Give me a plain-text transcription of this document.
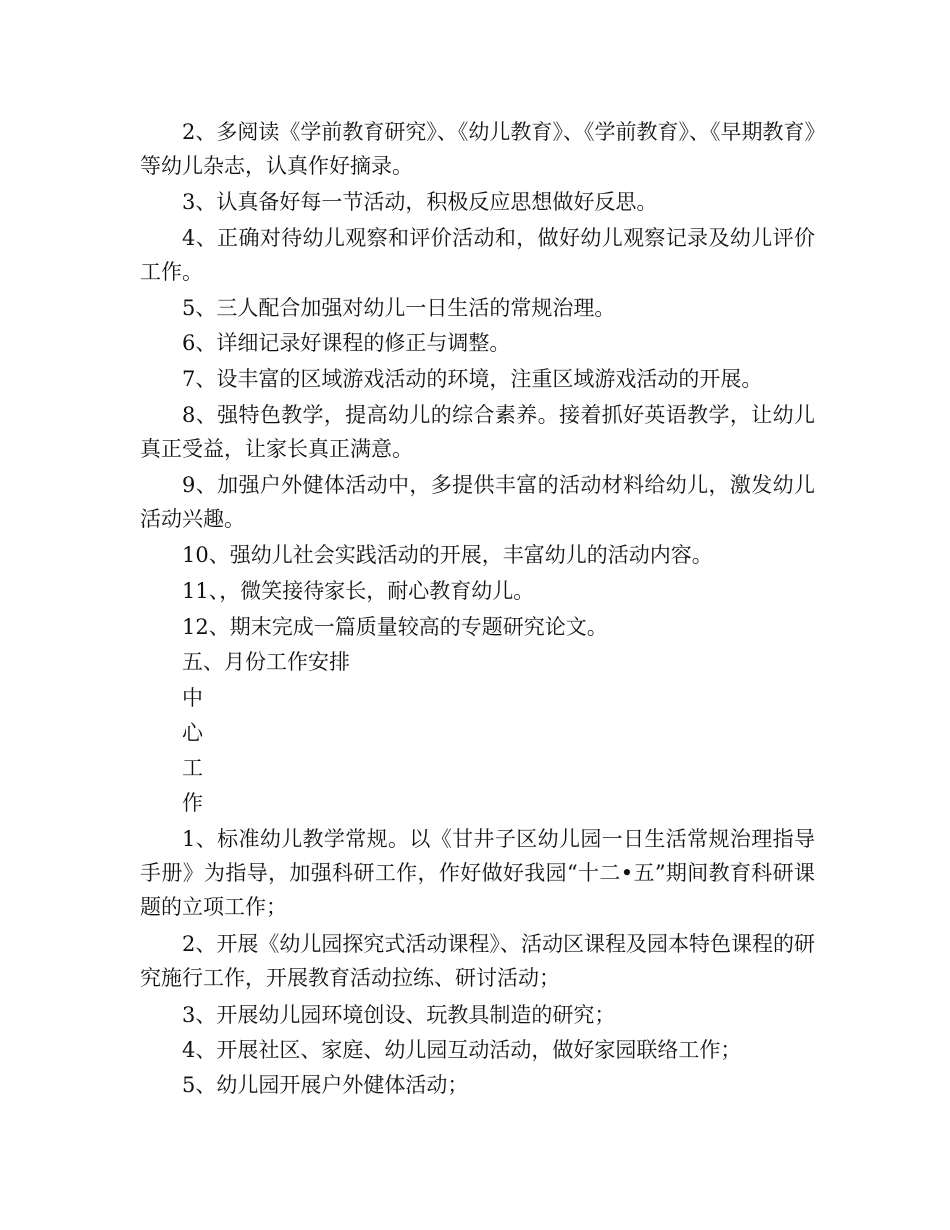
2、多阅读《学前教育研究》、《幼儿教育》、《学前教育》、《早期教育》等幼儿杂志，认真作好摘录。

3、认真备好每一节活动，积极反应思想做好反思。

4、正确对待幼儿观察和评价活动和，做好幼儿观察记录及幼儿评价工作。

5、三人配合加强对幼儿一日生活的常规治理。

6、详细记录好课程的修正与调整。

7、设丰富的区域游戏活动的环境，注重区域游戏活动的开展。

8、强特色教学，提高幼儿的综合素养。接着抓好英语教学，让幼儿真正受益，让家长真正满意。

9、加强户外健体活动中，多提供丰富的活动材料给幼儿，激发幼儿活动兴趣。

10、强幼儿社会实践活动的开展，丰富幼儿的活动内容。

11、，微笑接待家长，耐心教育幼儿。

12、期末完成一篇质量较高的专题研究论文。

五、月份工作安排

中

心

工

作

1、标准幼儿教学常规。以《甘井子区幼儿园一日生活常规治理指导手册》为指导，加强科研工作，作好做好我园“十二•五”期间教育科研课题的立项工作；

2、开展《幼儿园探究式活动课程》、活动区课程及园本特色课程的研究施行工作，开展教育活动拉练、研讨活动；

3、开展幼儿园环境创设、玩教具制造的研究；

4、开展社区、家庭、幼儿园互动活动，做好家园联络工作；

5、幼儿园开展户外健体活动；
